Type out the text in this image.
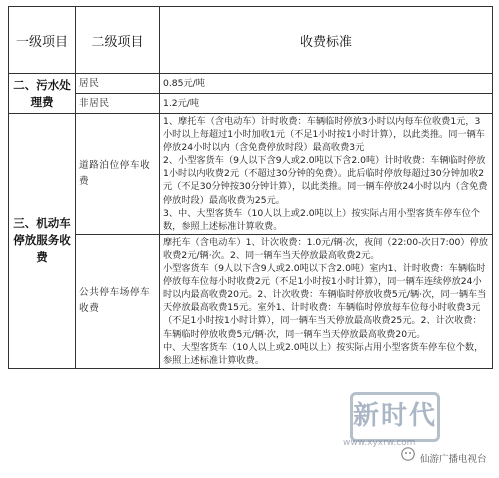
一级项目	二级项目	收费标准
二、污水处理费	居民	0.85元/吨
	非居民	1.2元/吨
三、机动车停放服务收费	道路泊位停车收费	1、摩托车（含电动车）计时收费：车辆临时停放3小时以内每车位收费1元，3小时以上每超过1小时加收1元（不足1小时按1小时计算），以此类推。同一辆车停放24小时以内（含免费停放时段）最高收费3元
2、小型客货车（9人以下含9人或2.0吨以下含2.0吨）计时收费：车辆临时停放1小时以内收费2元（不超过30分钟的免费）。此后临时停放每超过30分钟加收2元（不足30分钟按30分钟计算），以此类推。同一辆车停放24小时以内（含免费停放时段）最高收费为25元。
3、中、大型客货车（10人以上或2.0吨以上）按实际占用小型客货车停车位个数，参照上述标准计算收费。

	公共停车场停车收费	摩托车（含电动车）1、计次收费：1.0元/辆·次，夜间（22:00-次日7:00）停放收费2元/辆·次。2、同一辆车当天停放最高收费2元。
小型客货车（9人以下含9人或2.0吨以下含2.0吨）室内1、计时收费：车辆临时停放每车位每小时收费2元（不足1小时按1小时计算），同一辆车连续停放24小时以内最高收费20元。2、计次收费：车辆临时停放收费5元/辆·次，同一辆车当天停放最高收费15元。室外1、计时收费：车辆临时停放每车位每小时收费3元（不足1小时按1小时计算），同一辆车当天停放最高收费25元。2、计次收费：车辆临时停放收费5元/辆·次，同一辆车当天停放最高收费20元。
中、大型客货车（10人以上或2.0吨以上）按实际占用小型客货车停车位个数，参照上述标准计算收费。
新时代
www.xyxrw.com
仙游广播电视台
